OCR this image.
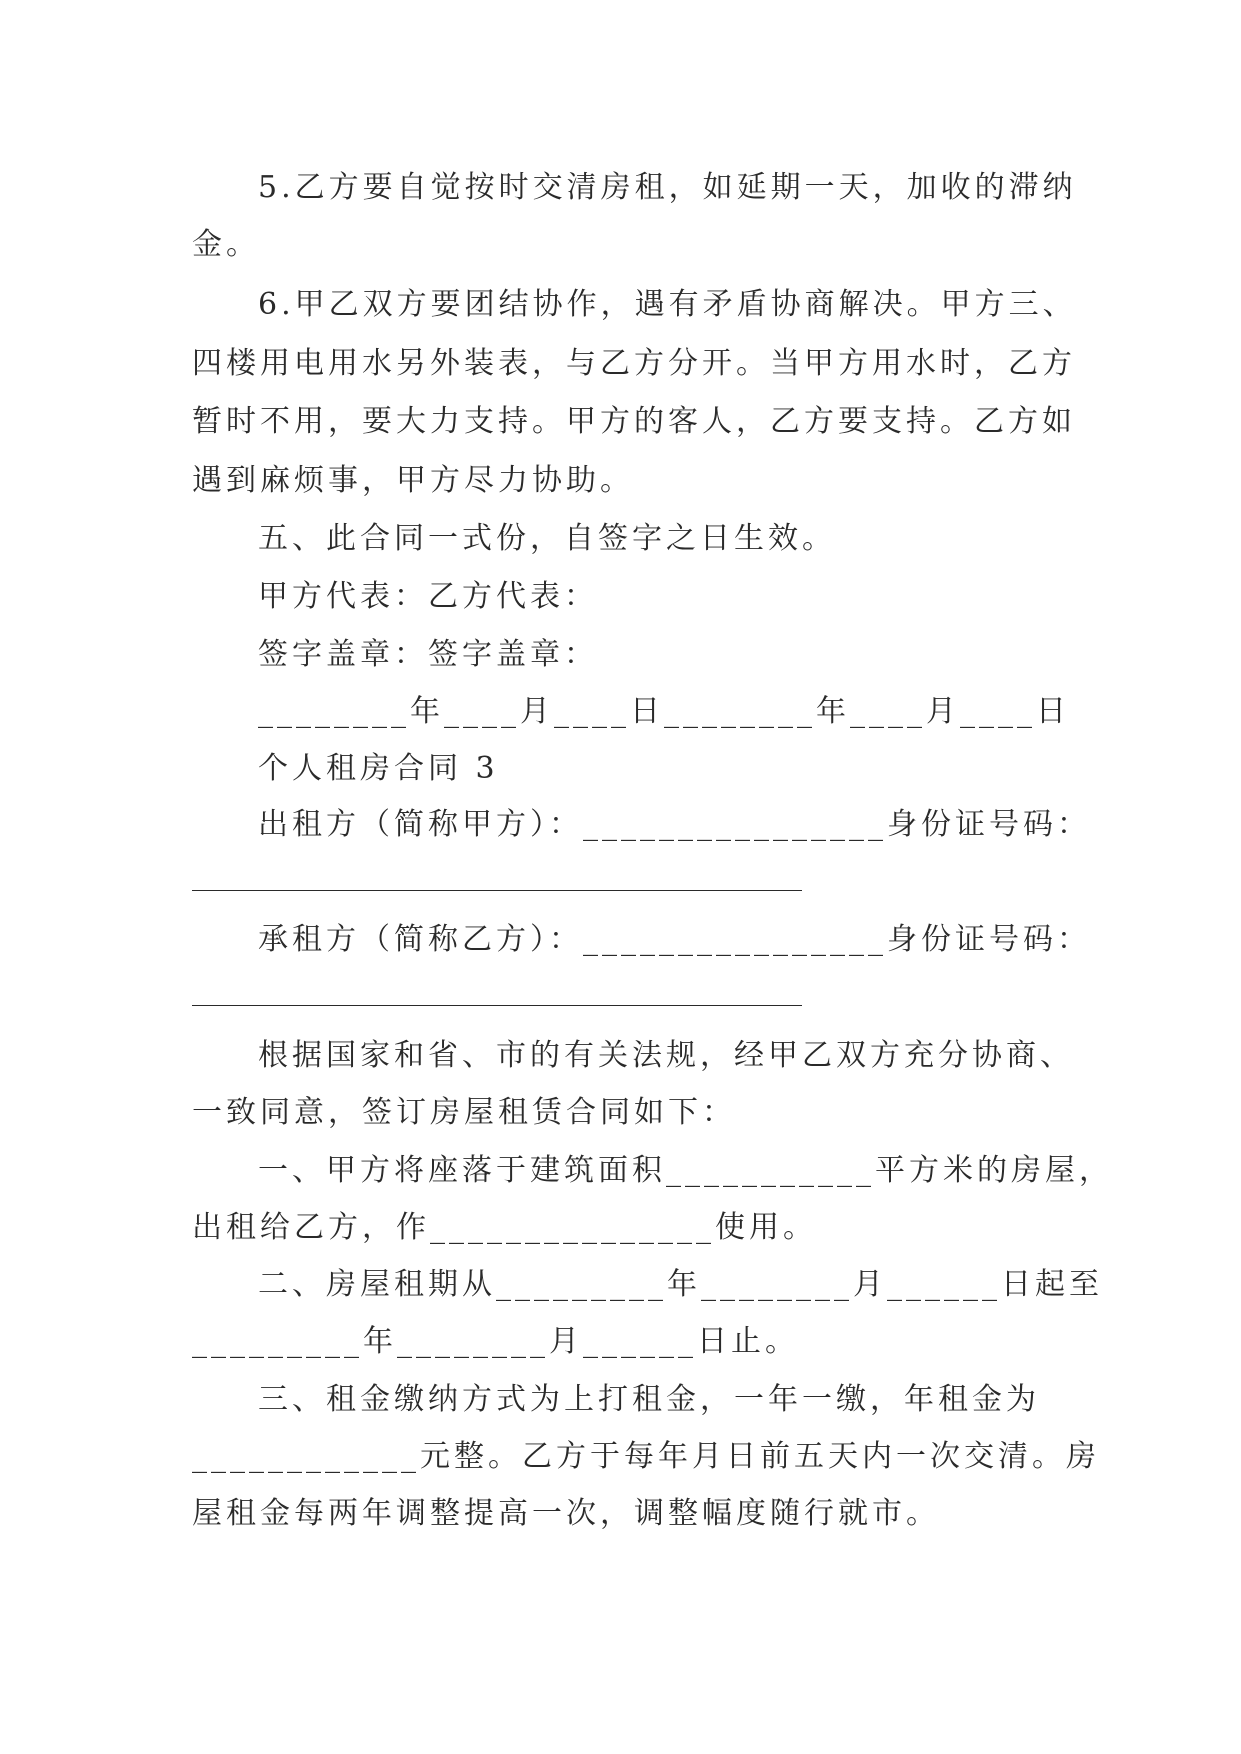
5.乙方要自觉按时交清房租，如延期一天，加收的滞纳

金。

6.甲乙双方要团结协作，遇有矛盾协商解决。甲方三、

四楼用电用水另外装表，与乙方分开。当甲方用水时，乙方

暂时不用，要大力支持。甲方的客人，乙方要支持。乙方如

遇到麻烦事，甲方尽力协助。

五、此合同一式份，自签字之日生效。

甲方代表：乙方代表：

签字盖章：签字盖章：

________年____月____日________年____月____日

个人租房合同 3

出租方（简称甲方）：________________身份证号码：

承租方（简称乙方）：________________身份证号码：

根据国家和省、市的有关法规，经甲乙双方充分协商、

一致同意，签订房屋租赁合同如下：

一、甲方将座落于建筑面积___________平方米的房屋，

出租给乙方，作_______________使用。

二、房屋租期从_________年________月______日起至

_________年________月______日止。

三、租金缴纳方式为上打租金，一年一缴，年租金为

____________元整。乙方于每年月日前五天内一次交清。房

屋租金每两年调整提高一次，调整幅度随行就市。
